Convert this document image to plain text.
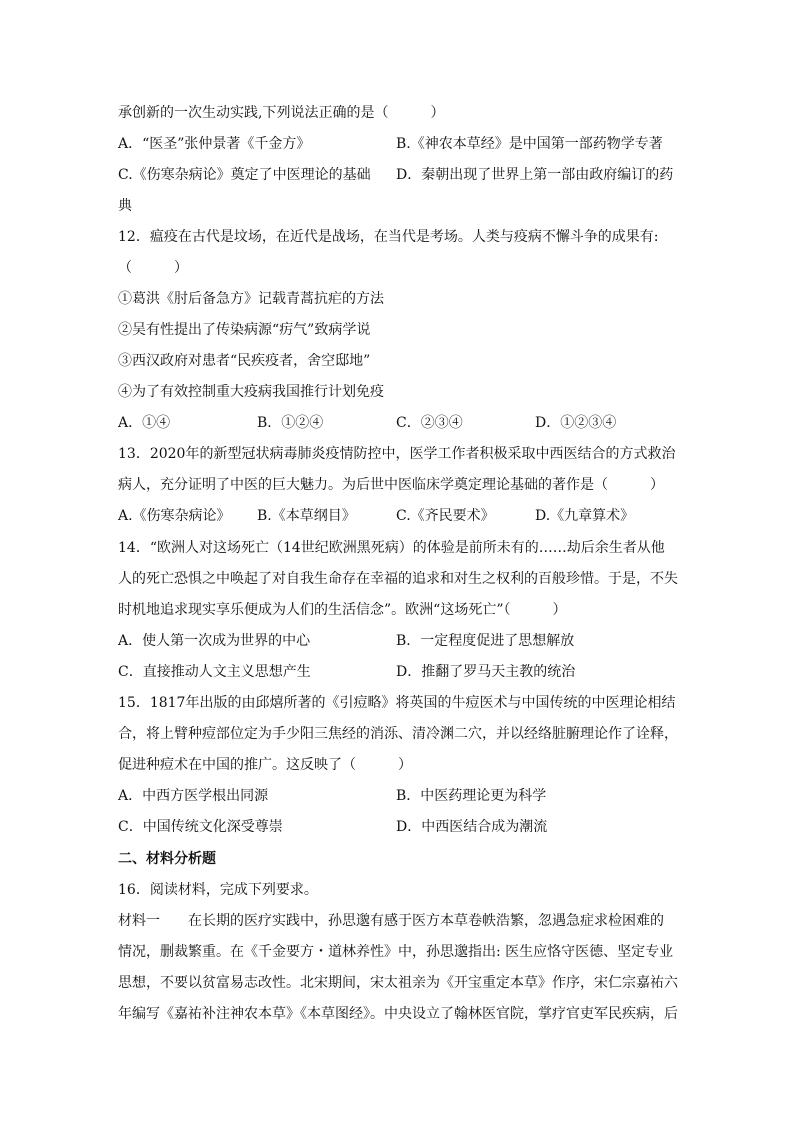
承创新的一次生动实践,下列说法正确的是（　　　）
A．“医圣”张仲景著《千金方》	B.《神农本草经》是中国第一部药物学专著
C.《伤寒杂病论》奠定了中医理论的基础 D．秦朝出现了世界上第一部由政府编订的药
典
12．瘟疫在古代是坟场，在近代是战场，在当代是考场。人类与疫病不懈斗争的成果有:
（　　　）
①葛洪《肘后备急方》记载青蒿抗疟的方法
②吴有性提出了传染病源“疠气”致病学说
③西汉政府对患者“民疾疫者，舍空邸地”
④为了有效控制重大疫病我国推行计划免疫
A．①④	B．①②④	C．②③④	D．①②③④
13．2020年的新型冠状病毒肺炎疫情防控中，医学工作者积极采取中西医结合的方式救治
病人，充分证明了中医的巨大魅力。为后世中医临床学奠定理论基础的著作是（　　　）
A.《伤寒杂病论》 B.《本草纲目》	C.《齐民要术》	D.《九章算术》
14．“欧洲人对这场死亡（14世纪欧洲黑死病）的体验是前所未有的……劫后余生者从他
人的死亡恐惧之中唤起了对自我生命存在幸福的追求和对生之权利的百般珍惜。于是，不失
时机地追求现实享乐便成为人们的生活信念”。欧洲“这场死亡”（　　　）
A．使人第一次成为世界的中心	B．一定程度促进了思想解放
C．直接推动人文主义思想产生	D．推翻了罗马天主教的统治
15．1817年出版的由邱熺所著的《引痘略》将英国的牛痘医术与中国传统的中医理论相结
合，将上臂种痘部位定为手少阳三焦经的消泺、清冷渊二穴，并以经络脏腑理论作了诠释，
促进种痘术在中国的推广。这反映了（　　　）
A．中西方医学根出同源	B．中医药理论更为科学
C．中国传统文化深受尊崇	D．中西医结合成为潮流
二、材料分析题
16．阅读材料，完成下列要求。
材料一　　在长期的医疗实践中，孙思邈有感于医方本草卷帙浩繁，忽遇急症求检困难的
情况，删裁繁重。在《千金要方・道林养性》中，孙思邈指出: 医生应恪守医德、坚定专业
思想，不要以贫富易志改性。北宋期间，宋太祖亲为《开宝重定本草》作序，宋仁宗嘉祐六
年编写《嘉祐补注神农本草》《本草图经》。中央设立了翰林医官院，掌疗官吏军民疾病，后
